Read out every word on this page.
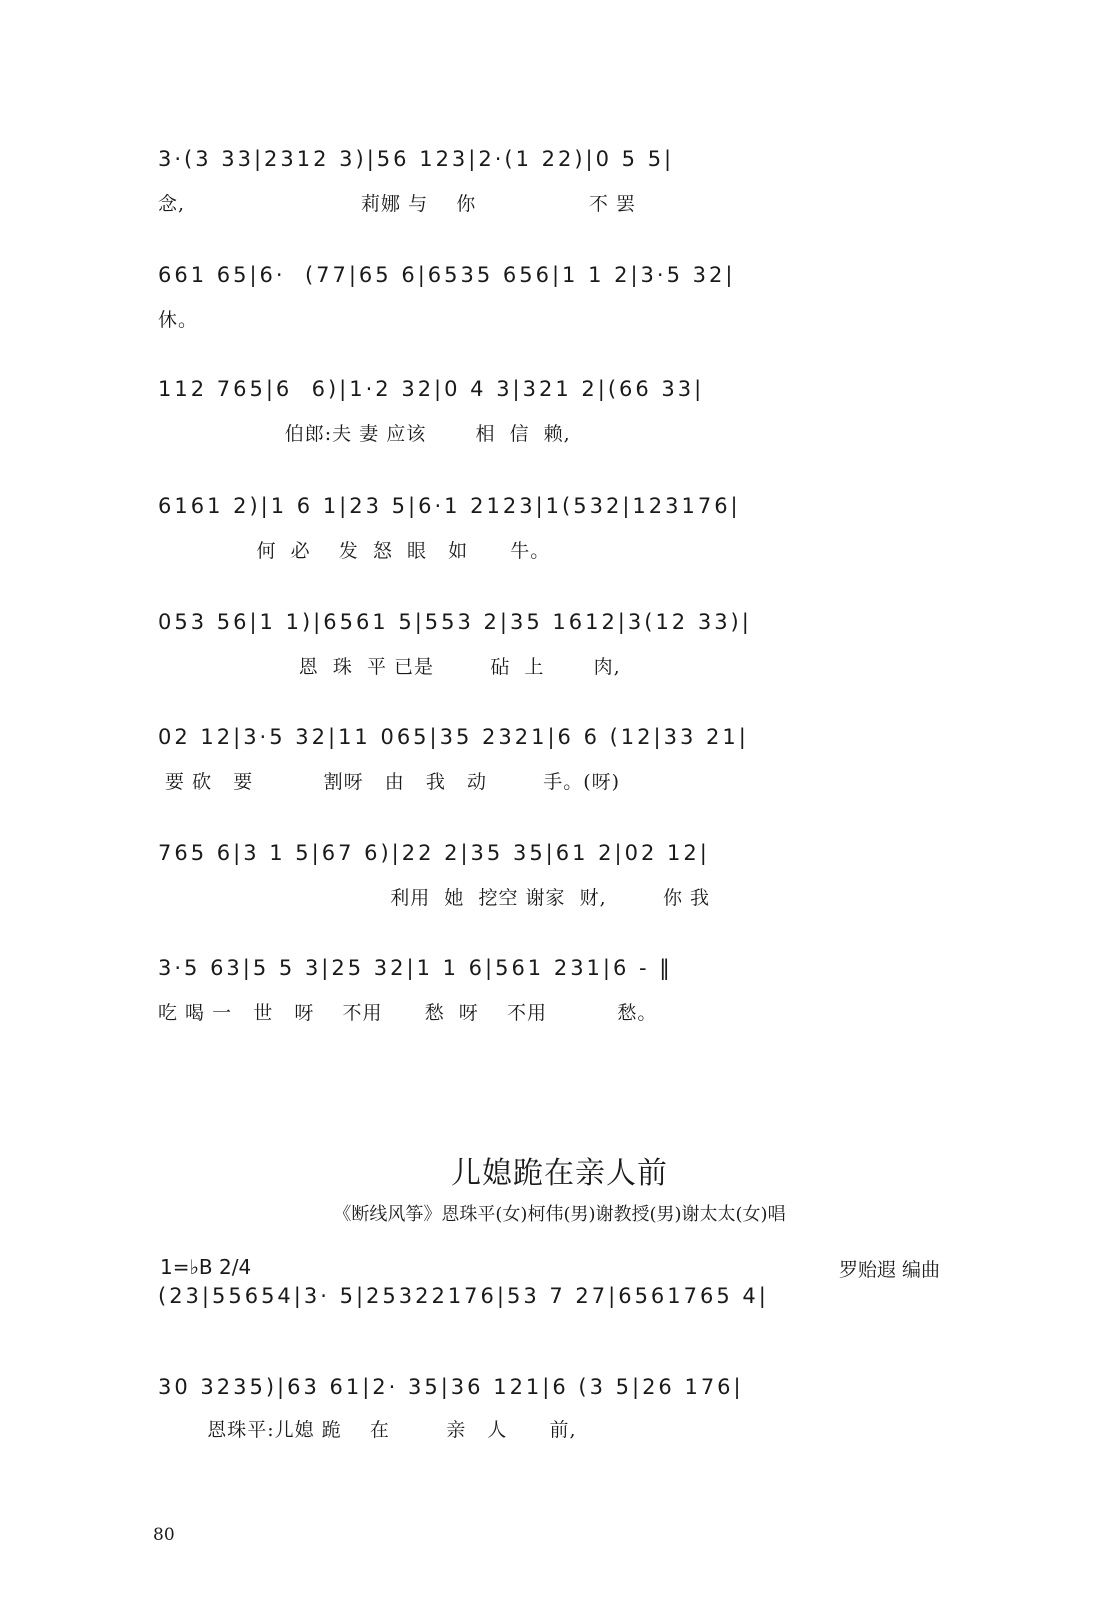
3·(3 33|2312 3)|56 123|2·(1 22)|0 5 5|
念,                         莉娜 与    你                不 罢
661 65|6·  (77|65 6|6535 656|1 1 2|3·5 32|
休。
112 765|6  6)|1·2 32|0 4 3|321 2|(66 33|
伯郎:夫 妻 应该       相  信  赖,
6161 2)|1 6 1|23 5|6·1 2123|1(532|123176|
何  必    发  怒  眼   如      牛。
053 56|1 1)|6561 5|553 2|35 1612|3(12 33)|
恩  珠  平 已是        砧  上       肉,
02 12|3·5 32|11 065|35 2321|6 6 (12|33 21|
要 砍   要          割呀   由   我   动        手。(呀)
765 6|3 1 5|67 6)|22 2|35 35|61 2|02 12|
利用  她  挖空 谢家  财,        你 我
3·5 63|5 5 3|25 32|1 1 6|561 231|6 - ‖
吃 喝 一   世   呀    不用      愁  呀    不用          愁。
儿媳跪在亲人前
《断线风筝》恩珠平(女)柯伟(男)谢教授(男)谢太太(女)唱
1=♭B 2/4	罗贻遐 编曲
(23|55654|3· 5|25322176|53 7 27|6561765 4|
30 3235)|63 61|2· 35|36 121|6 (3 5|26 176|
恩珠平:儿媳 跪    在        亲   人      前,
80
